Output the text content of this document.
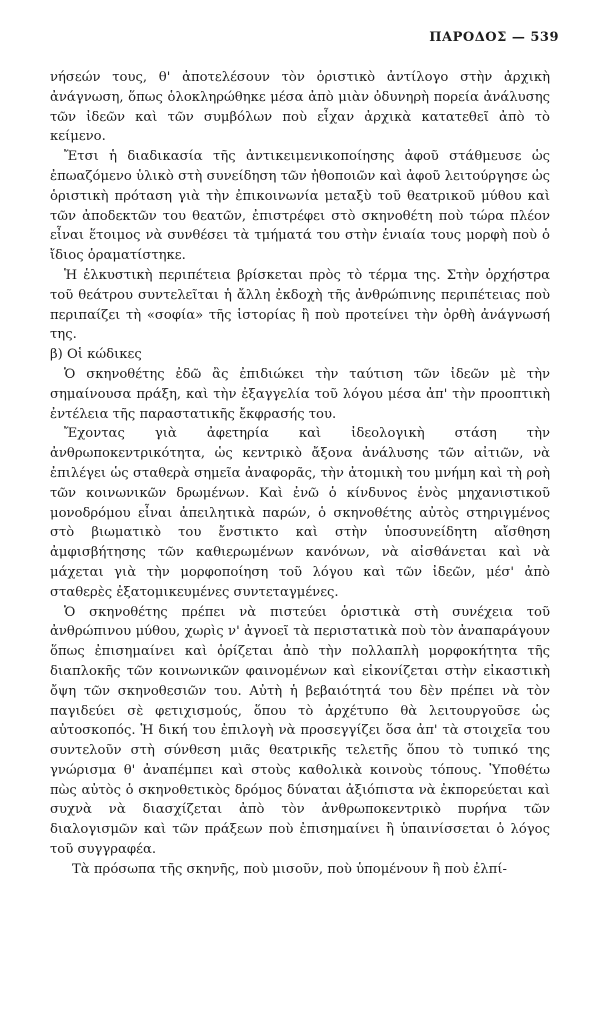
ΠΑΡΟΔΟΣ — 539

νήσεών τους, θ' ἀποτελέσουν τὸν ὁριστικὸ ἀντίλογο στὴν ἀρχικὴ ἀνάγνωση, ὅπως ὁλοκληρώθηκε μέσα ἀπὸ μιὰν ὀδυνηρὴ πορεία ἀνάλυσης τῶν ἰδεῶν καὶ τῶν συμβόλων ποὺ εἶχαν ἀρχικὰ κατατεθεῖ ἀπὸ τὸ κείμενο.

Ἔτσι ἡ διαδικασία τῆς ἀντικειμενικοποίησης ἀφοῦ στάθμευσε ὡς ἐπωαζόμενο ὑλικὸ στὴ συνείδηση τῶν ἠθοποιῶν καὶ ἀφοῦ λειτούργησε ὡς ὁριστικὴ πρόταση γιὰ τὴν ἐπικοινωνία μεταξὺ τοῦ θεατρικοῦ μύθου καὶ τῶν ἀποδεκτῶν του θεατῶν, ἐπιστρέφει στὸ σκηνοθέτη ποὺ τώρα πλέον εἶναι ἕτοιμος νὰ συνθέσει τὰ τμήματά του στὴν ἑνιαία τους μορφὴ ποὺ ὁ ἴδιος ὁραματίστηκε.

Ἡ ἑλκυστικὴ περιπέτεια βρίσκεται πρὸς τὸ τέρμα της. Στὴν ὀρχήστρα τοῦ θεάτρου συντελεῖται ἡ ἄλλη ἐκδοχὴ τῆς ἀνθρώπινης περιπέτειας ποὺ περιπαίζει τὴ «σοφία» τῆς ἱστορίας ἢ ποὺ προτείνει τὴν ὀρθὴ ἀνάγνωσή της.

β) Οἱ κώδικες

Ὁ σκηνοθέτης ἐδῶ ἂς ἐπιδιώκει τὴν ταύτιση τῶν ἰδεῶν μὲ τὴν σημαίνουσα πράξη, καὶ τὴν ἐξαγγελία τοῦ λόγου μέσα ἀπ' τὴν προοπτικὴ ἐντέλεια τῆς παραστατικῆς ἔκφρασής του.

Ἔχοντας γιὰ ἀφετηρία καὶ ἰδεολογικὴ στάση τὴν ἀνθρωποκεντρικότητα, ὡς κεντρικὸ ἄξονα ἀνάλυσης τῶν αἰτιῶν, νὰ ἐπιλέγει ὡς σταθερὰ σημεῖα ἀναφορᾶς, τὴν ἀτομικὴ του μνήμη καὶ τὴ ροὴ τῶν κοινωνικῶν δρωμένων. Καὶ ἐνῶ ὁ κίνδυνος ἑνὸς μηχανιστικοῦ μονοδρόμου εἶναι ἀπειλητικὰ παρών, ὁ σκηνοθέτης αὐτὸς στηριγμένος στὸ βιωματικὸ του ἔνστικτο καὶ στὴν ὑποσυνείδητη αἴσθηση ἀμφισβήτησης τῶν καθιερωμένων κανόνων, νὰ αἰσθάνεται καὶ νὰ μάχεται γιὰ τὴν μορφοποίηση τοῦ λόγου καὶ τῶν ἰδεῶν, μέσ' ἀπὸ σταθερὲς ἐξατομικευμένες συντεταγμένες.

Ὁ σκηνοθέτης πρέπει νὰ πιστεύει ὁριστικὰ στὴ συνέχεια τοῦ ἀνθρώπινου μύθου, χωρὶς ν' ἀγνοεῖ τὰ περιστατικὰ ποὺ τὸν ἀναπαράγουν ὅπως ἐπισημαίνει καὶ ὁρίζεται ἀπὸ τὴν πολλαπλὴ μορφοκήτητα τῆς διαπλοκῆς τῶν κοινωνικῶν φαινομένων καὶ εἰκονίζεται στὴν εἰκαστικὴ ὄψη τῶν σκηνοθεσιῶν του. Αὐτὴ ἡ βεβαιότητά του δὲν πρέπει νὰ τὸν παγιδεύει σὲ φετιχισμούς, ὅπου τὸ ἀρχέτυπο θὰ λειτουργοῦσε ὡς αὐτοσκοπός. Ἡ δική του ἐπιλογὴ νὰ προσεγγίζει ὅσα ἀπ' τὰ στοιχεῖα του συντελοῦν στὴ σύνθεση μιᾶς θεατρικῆς τελετῆς ὅπου τὸ τυπικό της γνώρισμα θ' ἀναπέμπει καὶ στοὺς καθολικὰ κοινοὺς τόπους. Ὑποθέτω πὼς αὐτὸς ὁ σκηνοθετικὸς δρόμος δύναται ἀξιόπιστα νὰ ἐκπορεύεται καὶ συχνὰ νὰ διασχίζεται ἀπὸ τὸν ἀνθρωποκεντρικὸ πυρήνα τῶν διαλογισμῶν καὶ τῶν πράξεων ποὺ ἐπισημαίνει ἢ ὑπαινίσσεται ὁ λόγος τοῦ συγγραφέα.

Τὰ πρόσωπα τῆς σκηνῆς, ποὺ μισοῦν, ποὺ ὑπομένουν ἢ ποὺ ἐλπί-
